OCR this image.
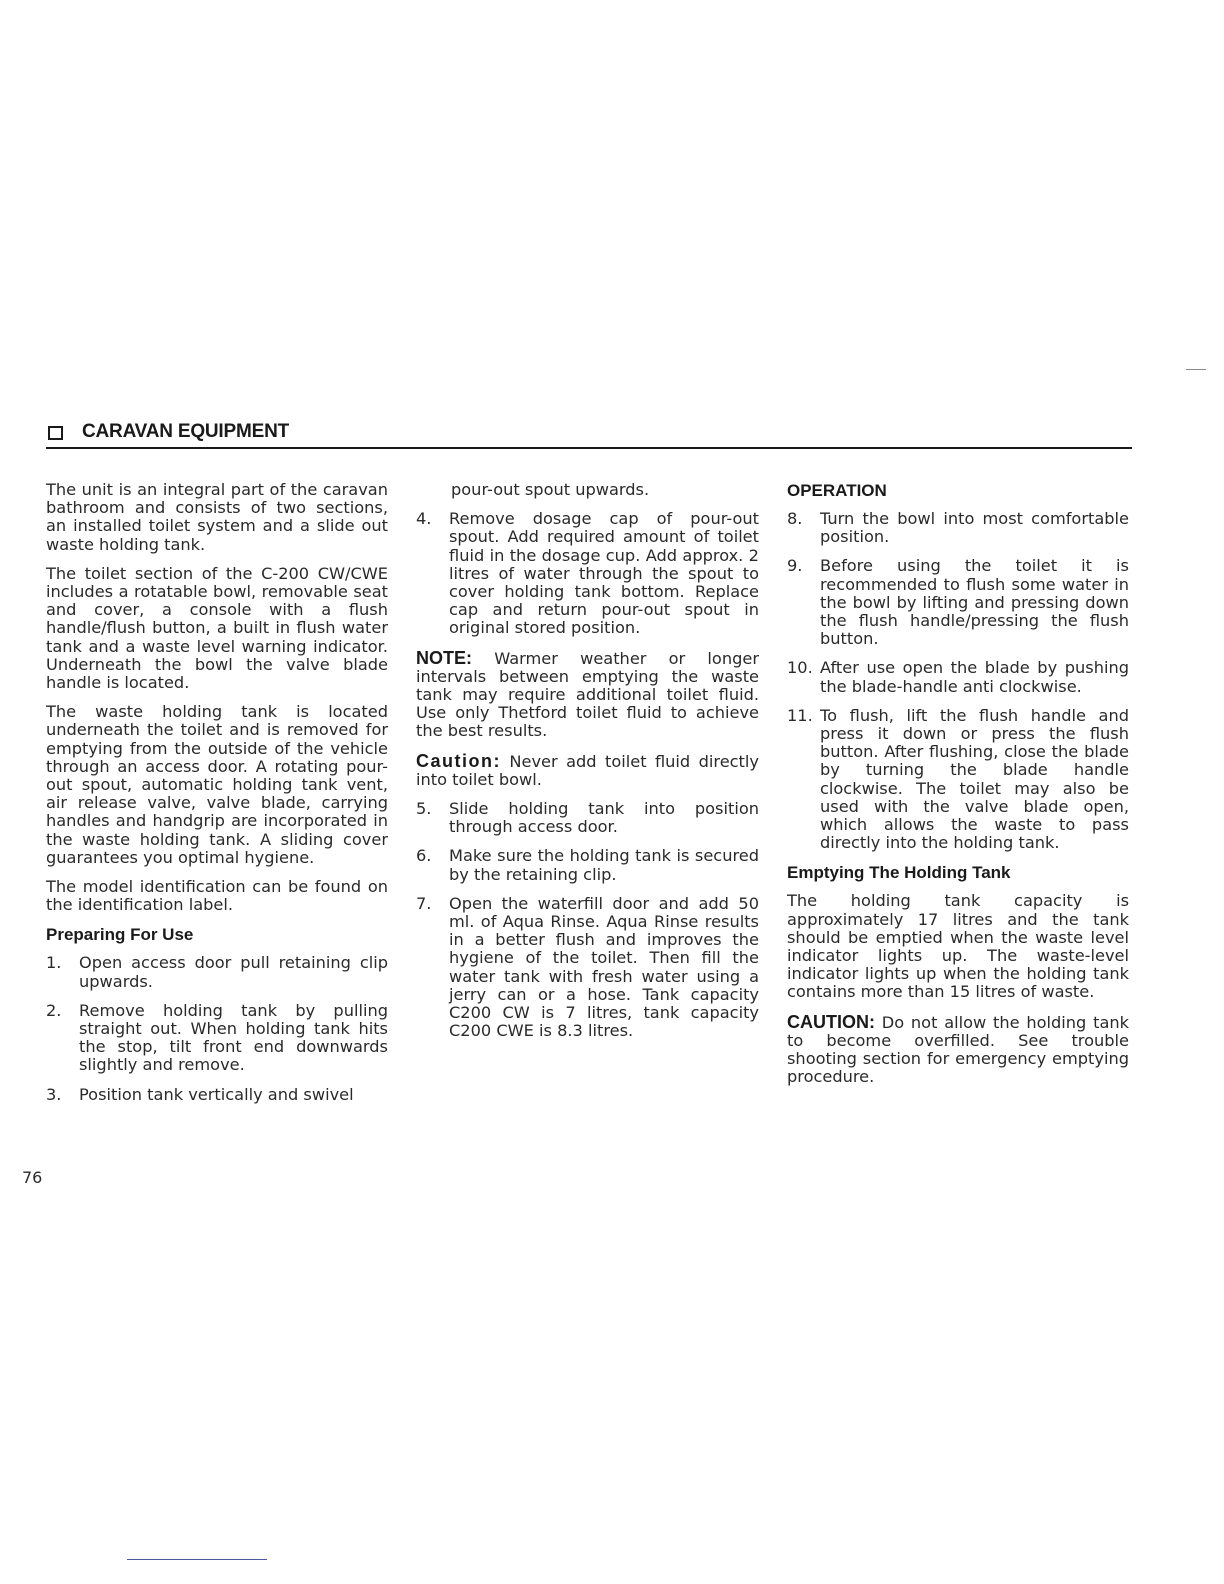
CARAVAN EQUIPMENT

The unit is an integral part of the caravan bathroom and consists of two sections, an installed toilet system and a slide out waste holding tank.

The toilet section of the C-200 CW/CWE includes a rotatable bowl, removable seat and cover, a console with a flush handle/flush button, a built in flush water tank and a waste level warning indicator. Underneath the bowl the valve blade handle is located.

The waste holding tank is located underneath the toilet and is removed for emptying from the outside of the vehicle through an access door. A rotating pour-out spout, automatic holding tank vent, air release valve, valve blade, carrying handles and handgrip are incorporated in the waste holding tank. A sliding cover guarantees you optimal hygiene.

The model identification can be found on the identification label.

Preparing For Use
1.	Open access door pull retaining clip upwards.
2.	Remove holding tank by pulling straight out. When holding tank hits the stop, tilt front end downwards slightly and remove.
3.	Position tank vertically and swivel

pour-out spout upwards.

4.	Remove dosage cap of pour-out spout. Add required amount of toilet fluid in the dosage cup. Add approx. 2 litres of water through the spout to cover holding tank bottom. Replace cap and return pour-out spout in original stored position.

NOTE: Warmer weather or longer intervals between emptying the waste tank may require additional toilet fluid. Use only Thetford toilet fluid to achieve the best results.

Caution: Never add toilet fluid directly into toilet bowl.

5.	Slide holding tank into position through access door.
6.	Make sure the holding tank is secured by the retaining clip.
7.	Open the waterfill door and add 50 ml. of Aqua Rinse. Aqua Rinse results in a better flush and improves the hygiene of the toilet. Then fill the water tank with fresh water using a jerry can or a hose. Tank capacity C200 CW is 7 litres, tank capacity C200 CWE is 8.3 litres.
OPERATION
8.	Turn the bowl into most comfortable position.
9.	Before using the toilet it is recommended to flush some water in the bowl by lifting and pressing down the flush handle/pressing the flush button.
10. After use open the blade by pushing the blade-handle anti clockwise.
11. To flush, lift the flush handle and press it down or press the flush button. After flushing, close the blade by turning the blade handle clockwise. The toilet may also be used with the valve blade open, which allows the waste to pass directly into the holding tank.
Emptying The Holding Tank

The holding tank capacity is approximately 17 litres and the tank should be emptied when the waste level indicator lights up. The waste-level indicator lights up when the holding tank contains more than 15 litres of waste.

CAUTION: Do not allow the holding tank to become overfilled. See trouble shooting section for emergency emptying procedure.

76
